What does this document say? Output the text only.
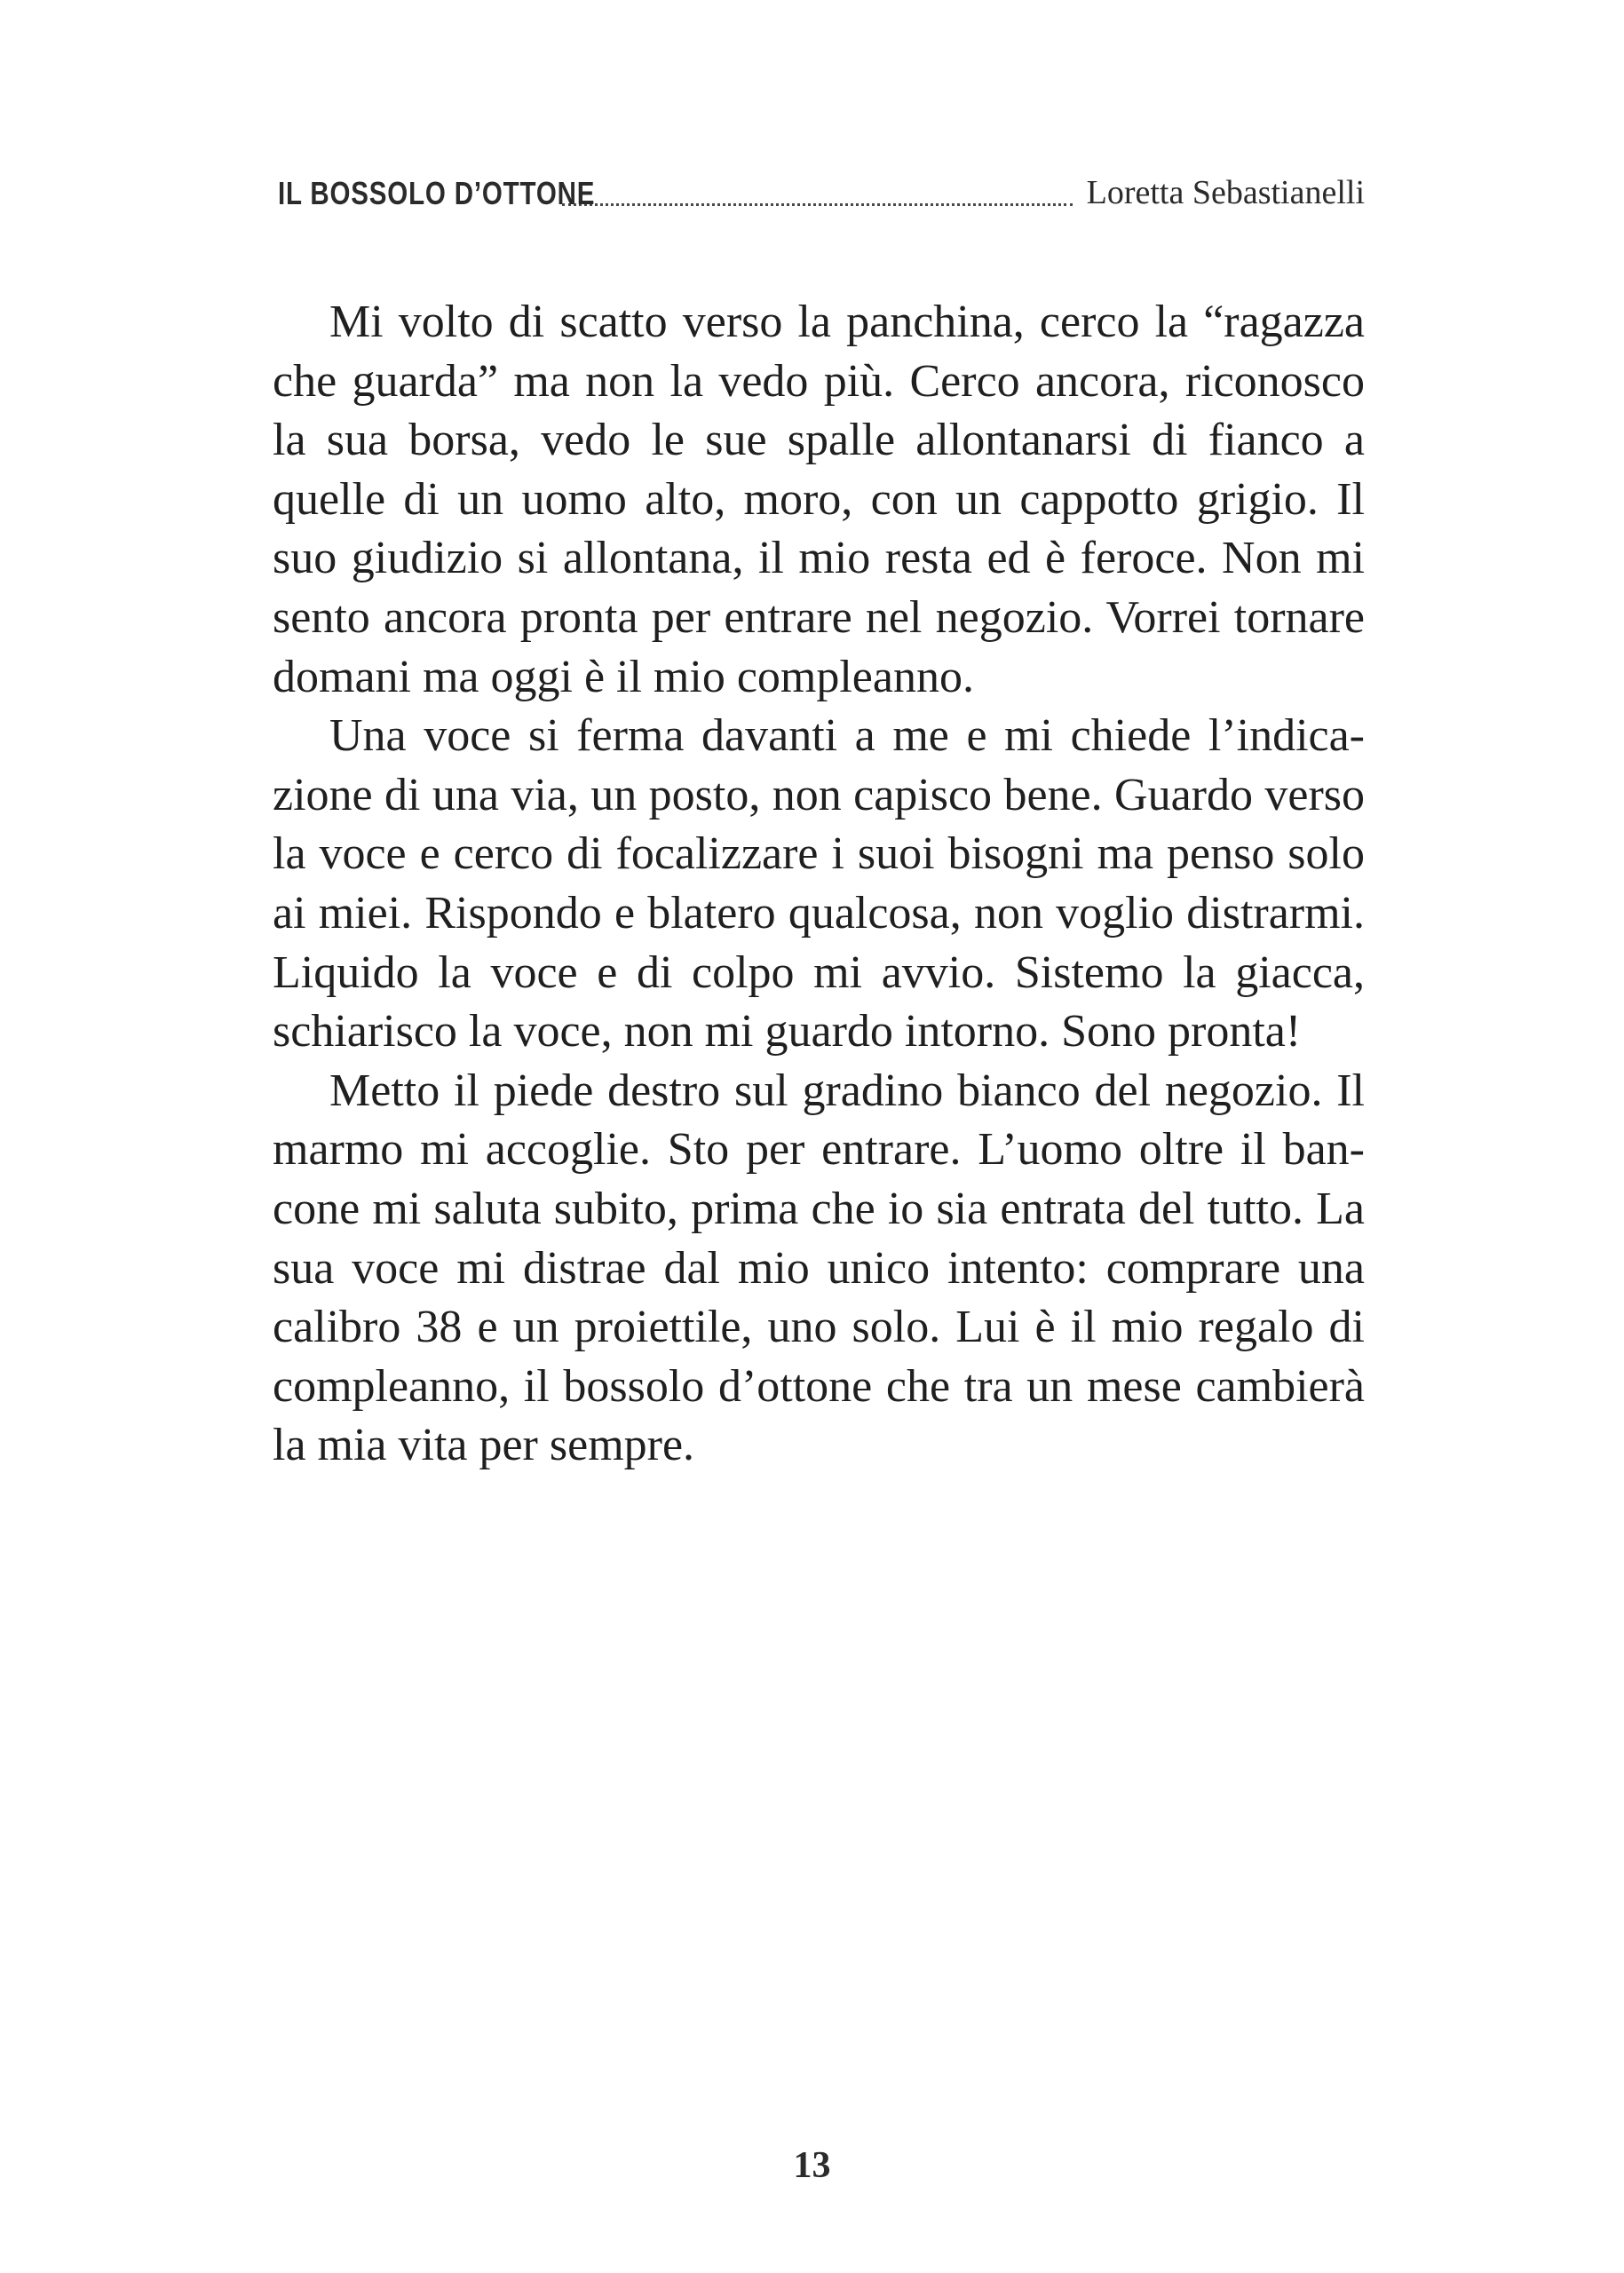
IL BOSSOLO D’OTTONE	Loretta Sebastianelli

Mi volto di scatto verso la panchina, cerco la “ragazza che guarda” ma non la vedo più. Cerco ancora, riconosco la sua borsa, vedo le sue spalle allontanarsi di fianco a quelle di un uomo alto, moro, con un cappotto grigio. Il suo giudizio si allontana, il mio resta ed è feroce. Non mi sento ancora pronta per entrare nel negozio. Vorrei tornare domani ma oggi è il mio compleanno.

Una voce si ferma davanti a me e mi chiede l’indicazione di una via, un posto, non capisco bene. Guardo verso la voce e cerco di focalizzare i suoi bisogni ma penso solo ai miei. Rispondo e blatero qualcosa, non voglio distrarmi. Liquido la voce e di colpo mi avvio. Sistemo la giacca, schiarisco la voce, non mi guardo intorno. Sono pronta!

Metto il piede destro sul gradino bianco del negozio. Il marmo mi accoglie. Sto per entrare. L’uomo oltre il bancone mi saluta subito, prima che io sia entrata del tutto. La sua voce mi distrae dal mio unico intento: comprare una calibro 38 e un proiettile, uno solo. Lui è il mio regalo di compleanno, il bossolo d’ottone che tra un mese cambierà la mia vita per sempre.

13
